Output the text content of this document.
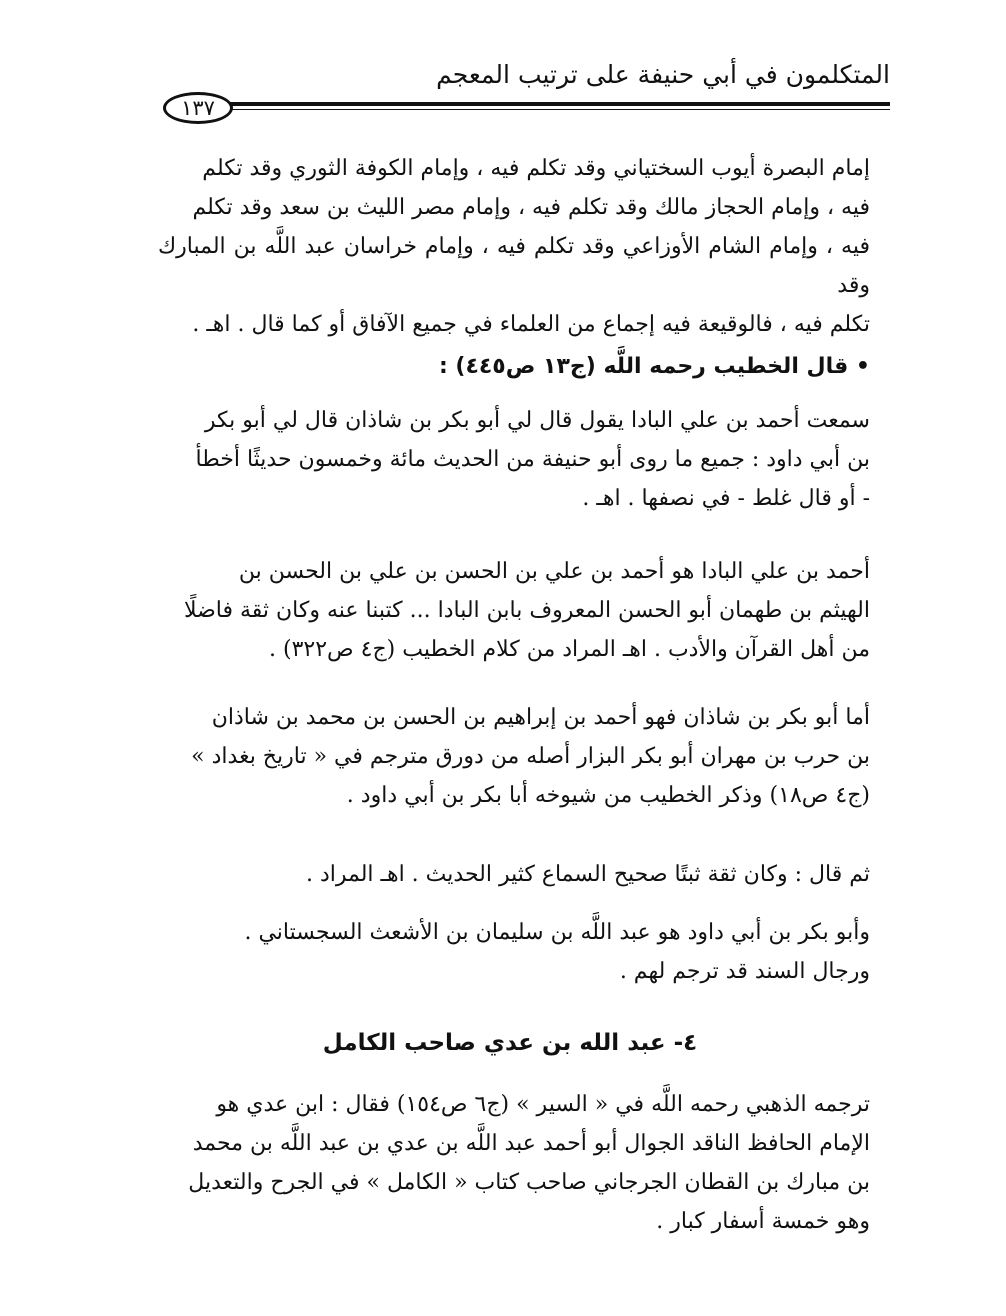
المتكلمون في أبي حنيفة على ترتيب المعجم
١٣٧

إمام البصرة أيوب السختياني وقد تكلم فيه ، وإمام الكوفة الثوري وقد تكلم

فيه ، وإمام الحجاز مالك وقد تكلم فيه ، وإمام مصر الليث بن سعد وقد تكلم

فيه ، وإمام الشام الأوزاعي وقد تكلم فيه ، وإمام خراسان عبد اللَّه بن المبارك وقد

تكلم فيه ، فالوقيعة فيه إجماع من العلماء في جميع الآفاق أو كما قال . اهـ .

• قال الخطيب رحمه اللَّه (ج١٣ ص٤٤٥) :

سمعت أحمد بن علي البادا يقول قال لي أبو بكر بن شاذان قال لي أبو بكر

بن أبي داود : جميع ما روى أبو حنيفة من الحديث مائة وخمسون حديثًا أخطأ

- أو قال غلط - في نصفها . اهـ .

أحمد بن علي البادا هو أحمد بن علي بن الحسن بن علي بن الحسن بن

الهيثم بن طهمان أبو الحسن المعروف بابن البادا ... كتبنا عنه وكان ثقة فاضلًا

من أهل القرآن والأدب . اهـ المراد من كلام الخطيب (ج٤ ص٣٢٢) .

أما أبو بكر بن شاذان فهو أحمد بن إبراهيم بن الحسن بن محمد بن شاذان

بن حرب بن مهران أبو بكر البزار أصله من دورق مترجم في « تاريخ بغداد »

(ج٤ ص١٨) وذكر الخطيب من شيوخه أبا بكر بن أبي داود .

ثم قال : وكان ثقة ثبتًا صحيح السماع كثير الحديث . اهـ المراد .

وأبو بكر بن أبي داود هو عبد اللَّه بن سليمان بن الأشعث السجستاني .

ورجال السند قد ترجم لهم .

٤- عبد الله بن عدي صاحب الكامل

ترجمه الذهبي رحمه اللَّه في « السير » (ج٦ ص١٥٤) فقال : ابن عدي هو

الإمام الحافظ الناقد الجوال أبو أحمد عبد اللَّه بن عدي بن عبد اللَّه بن محمد

بن مبارك بن القطان الجرجاني صاحب كتاب « الكامل » في الجرح والتعديل

وهو خمسة أسفار كبار .
